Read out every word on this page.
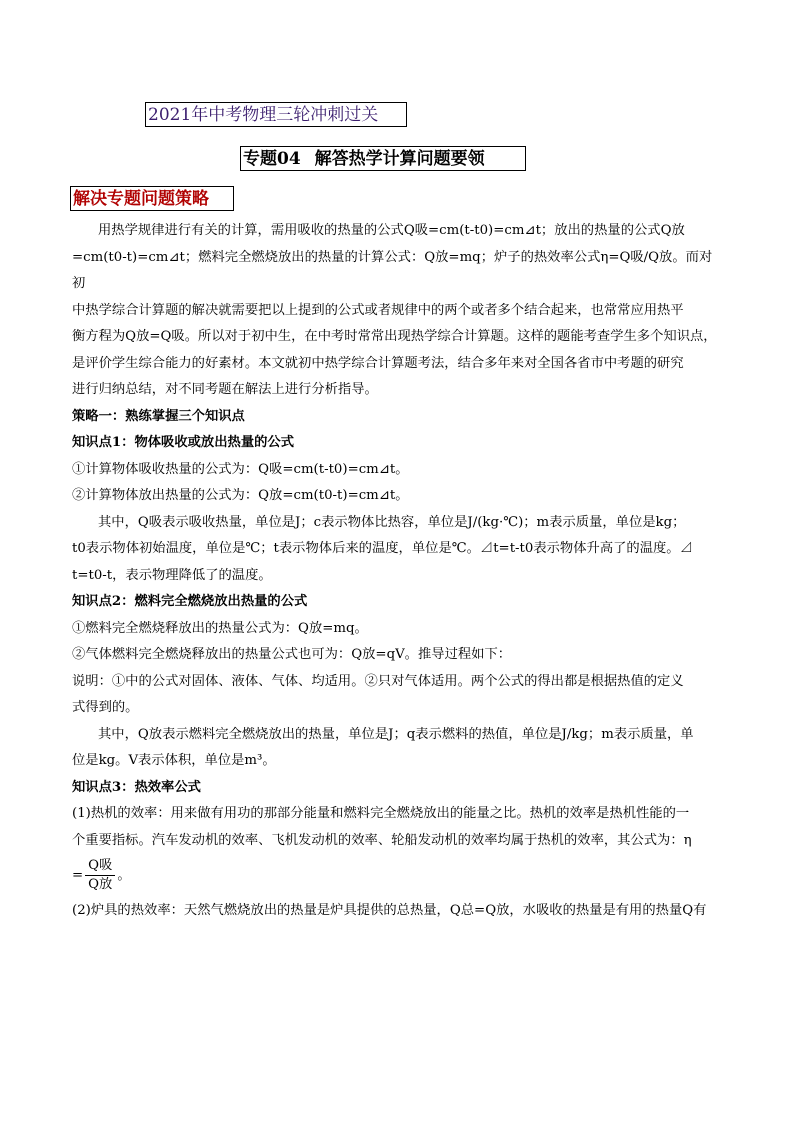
2021年中考物理三轮冲刺过关
专题04 解答热学计算问题要领
解决专题问题策略

用热学规律进行有关的计算，需用吸收的热量的公式Q吸=cm(t-t0)=cm⊿t；放出的热量的公式Q放

=cm(t0-t)=cm⊿t；燃料完全燃烧放出的热量的计算公式：Q放=mq；炉子的热效率公式η=Q吸/Q放。而对初

中热学综合计算题的解决就需要把以上提到的公式或者规律中的两个或者多个结合起来，也常常应用热平

衡方程为Q放=Q吸。所以对于初中生，在中考时常常出现热学综合计算题。这样的题能考查学生多个知识点，

是评价学生综合能力的好素材。本文就初中热学综合计算题考法，结合多年来对全国各省市中考题的研究

进行归纳总结，对不同考题在解法上进行分析指导。

策略一：熟练掌握三个知识点

知识点1：物体吸收或放出热量的公式

①计算物体吸收热量的公式为：Q吸=cm(t-t0)=cm⊿t。

②计算物体放出热量的公式为：Q放=cm(t0-t)=cm⊿t。

其中，Q吸表示吸收热量，单位是J；c表示物体比热容，单位是J/(kg·℃)；m表示质量，单位是kg；

t0表示物体初始温度，单位是℃；t表示物体后来的温度，单位是℃。⊿t=t-t0表示物体升高了的温度。⊿

t=t0-t，表示物理降低了的温度。

知识点2：燃料完全燃烧放出热量的公式

①燃料完全燃烧释放出的热量公式为：Q放=mq。

②气体燃料完全燃烧释放出的热量公式也可为：Q放=qV。推导过程如下：

说明：①中的公式对固体、液体、气体、均适用。②只对气体适用。两个公式的得出都是根据热值的定义

式得到的。

其中，Q放表示燃料完全燃烧放出的热量，单位是J；q表示燃料的热值，单位是J/kg；m表示质量，单

位是kg。V表示体积，单位是m³。

知识点3：热效率公式

(1)热机的效率：用来做有用功的那部分能量和燃料完全燃烧放出的能量之比。热机的效率是热机性能的一

个重要指标。汽车发动机的效率、飞机发动机的效率、轮船发动机的效率均属于热机的效率，其公式为：η

= $\frac{\text{Q吸}}{\text{Q放}}$ 。

(2)炉具的热效率：天然气燃烧放出的热量是炉具提供的总热量，Q总=Q放，水吸收的热量是有用的热量Q有
